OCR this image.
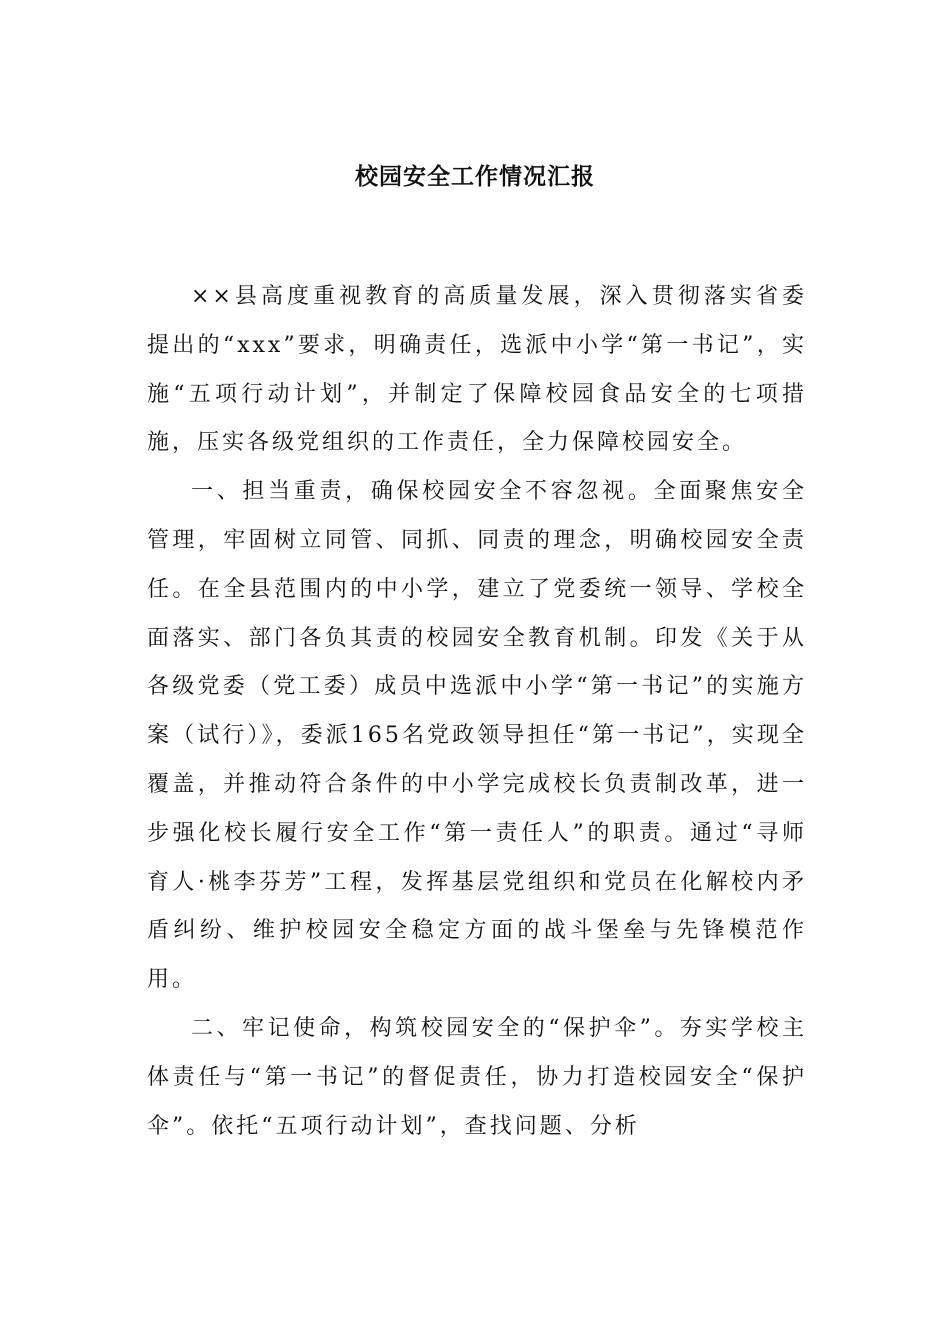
校园安全工作情况汇报

××县高度重视教育的高质量发展，深入贯彻落实省委提出的“xxx”要求，明确责任，选派中小学“第一书记”，实施“五项行动计划”，并制定了保障校园食品安全的七项措施，压实各级党组织的工作责任，全力保障校园安全。

一、担当重责，确保校园安全不容忽视。全面聚焦安全管理，牢固树立同管、同抓、同责的理念，明确校园安全责任。在全县范围内的中小学，建立了党委统一领导、学校全面落实、部门各负其责的校园安全教育机制。印发《关于从各级党委（党工委）成员中选派中小学“第一书记”的实施方案（试行）》，委派165名党政领导担任“第一书记”，实现全覆盖，并推动符合条件的中小学完成校长负责制改革，进一步强化校长履行安全工作“第一责任人”的职责。通过“寻师育人·桃李芬芳”工程，发挥基层党组织和党员在化解校内矛盾纠纷、维护校园安全稳定方面的战斗堡垒与先锋模范作用。

二、牢记使命，构筑校园安全的“保护伞”。夯实学校主体责任与“第一书记”的督促责任，协力打造校园安全“保护伞”。依托“五项行动计划”，查找问题、分析
